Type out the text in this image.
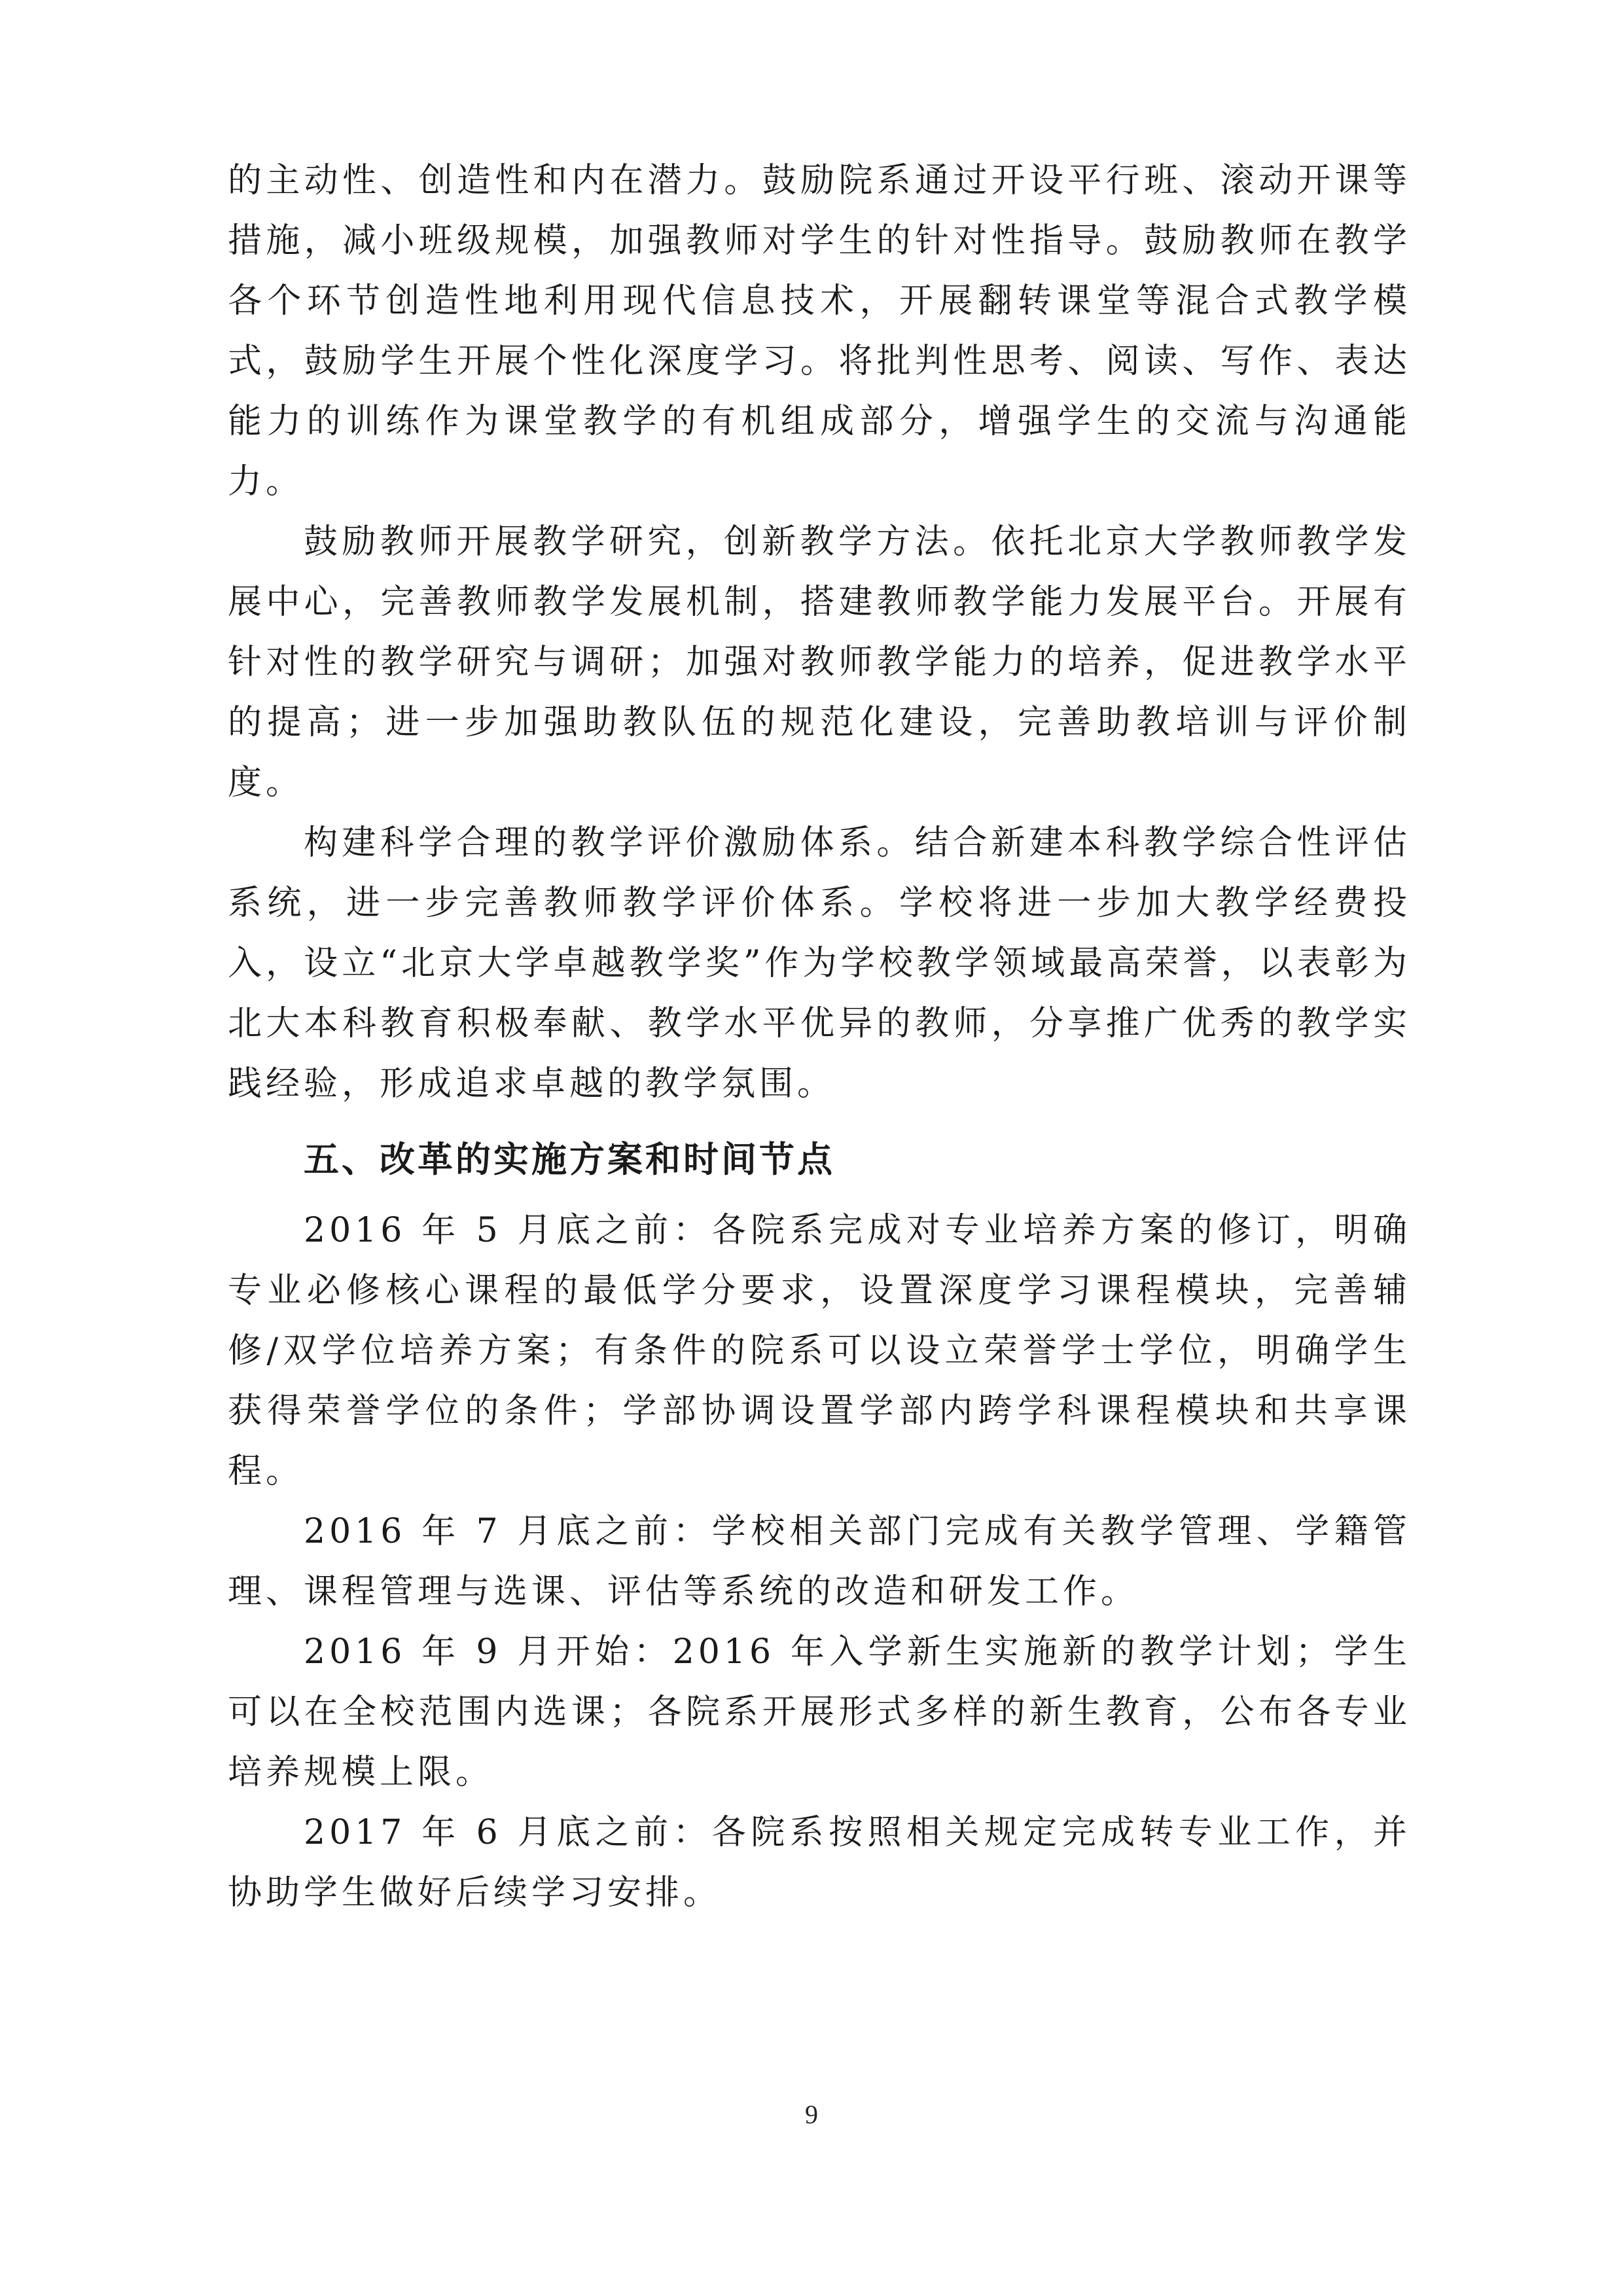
的主动性、创造性和内在潜力。鼓励院系通过开设平行班、滚动开课等措施，减小班级规模，加强教师对学生的针对性指导。鼓励教师在教学各个环节创造性地利用现代信息技术，开展翻转课堂等混合式教学模式，鼓励学生开展个性化深度学习。将批判性思考、阅读、写作、表达能力的训练作为课堂教学的有机组成部分，增强学生的交流与沟通能力。

鼓励教师开展教学研究，创新教学方法。依托北京大学教师教学发展中心，完善教师教学发展机制，搭建教师教学能力发展平台。开展有针对性的教学研究与调研；加强对教师教学能力的培养，促进教学水平的提高；进一步加强助教队伍的规范化建设，完善助教培训与评价制度。

构建科学合理的教学评价激励体系。结合新建本科教学综合性评估系统，进一步完善教师教学评价体系。学校将进一步加大教学经费投入，设立“北京大学卓越教学奖”作为学校教学领域最高荣誉，以表彰为北大本科教育积极奉献、教学水平优异的教师，分享推广优秀的教学实践经验，形成追求卓越的教学氛围。

五、改革的实施方案和时间节点

2016 年 5 月底之前：各院系完成对专业培养方案的修订，明确专业必修核心课程的最低学分要求，设置深度学习课程模块，完善辅修/双学位培养方案；有条件的院系可以设立荣誉学士学位，明确学生获得荣誉学位的条件；学部协调设置学部内跨学科课程模块和共享课程。

2016 年 7 月底之前：学校相关部门完成有关教学管理、学籍管理、课程管理与选课、评估等系统的改造和研发工作。

2016 年 9 月开始：2016 年入学新生实施新的教学计划；学生可以在全校范围内选课；各院系开展形式多样的新生教育，公布各专业培养规模上限。

2017 年 6 月底之前：各院系按照相关规定完成转专业工作，并协助学生做好后续学习安排。

9
